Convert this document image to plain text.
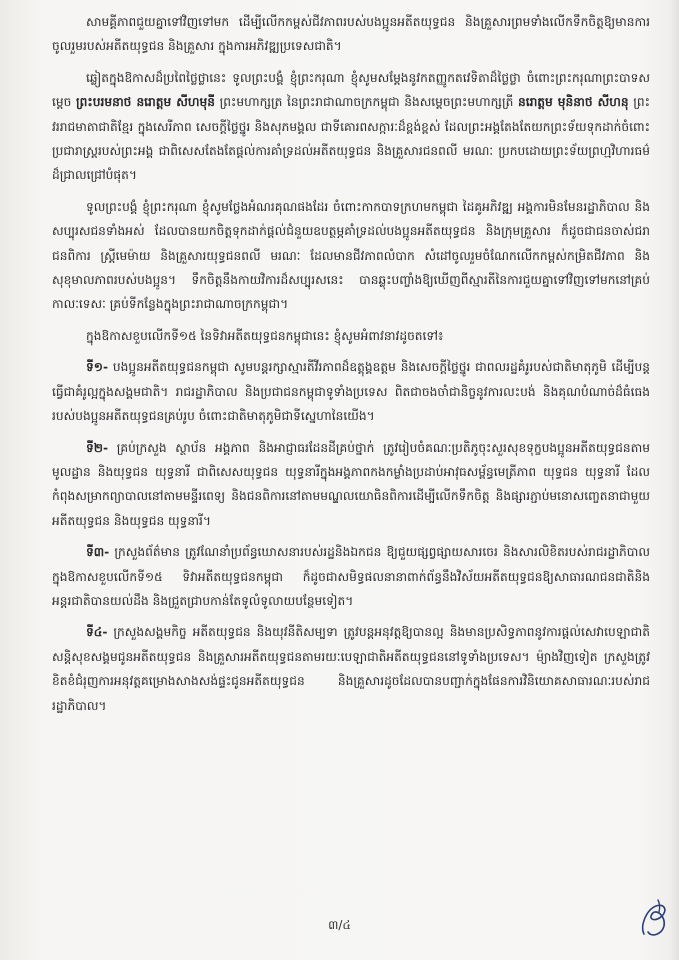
សាមគ្គីភាពជួយគ្នាទៅវិញទៅមក ដើម្បីលើកកម្ពស់ជីវភាពរបស់បងប្អូនអតីតយុទ្ធជន និងគ្រួសារព្រមទាំងលើកទឹកចិត្តឱ្យមានការចូលរួមរបស់អតីតយុទ្ធជន និងគ្រួសារ ក្នុងការអភិវឌ្ឍប្រទេសជាតិ។

ឆ្លៀតក្នុងឱកាសដ៏ប្រពៃថ្លៃថ្លានេះ ទូលព្រះបង្គំ ខ្ញុំព្រះករុណា ខ្ញុំសូមសម្តែងនូវកតញ្ញូកតវេទិតាដ៏ថ្លៃថ្លា ចំពោះព្រះករុណាព្រះបាទសម្តេច ព្រះបរមនាថ នរោត្តម សីហមុនី ព្រះមហាក្សត្រ នៃព្រះរាជាណាចក្រកម្ពុជា និងសម្តេចព្រះមហាក្សត្រី នរោត្តម មុនិនាថ សីហនុ ព្រះវររាជមាតាជាតិខ្មែរ ក្នុងសេរីភាព សេចក្តីថ្លៃថ្នូរ និងសុភមង្គល ជាទីគោរពសក្ការៈដ៏ខ្ពង់ខ្ពស់ ដែលព្រះអង្គតែងតែយកព្រះទ័យទុកដាក់ចំពោះប្រជារាស្ត្ររបស់ព្រះអង្គ ជាពិសេសតែងតែផ្តល់ការគាំទ្រដល់អតីតយុទ្ធជន និងគ្រួសារជនពលី មរណៈ ប្រកបដោយព្រះទ័យព្រហ្មវិហារធម៌ដ៏ជ្រាលជ្រៅបំផុត។

ទូលព្រះបង្គំ ខ្ញុំព្រះករុណា ខ្ញុំសូមថ្លែងអំណរគុណផងដែរ ចំពោះកាកបាទក្រហមកម្ពុជា ដៃគូអភិវឌ្ឍ អង្គការមិនមែនរដ្ឋាភិបាល និងសប្បុរសជនទាំងអស់ ដែលបានយកចិត្តទុកដាក់ផ្តល់ជំនួយឧបត្ថម្ភគាំទ្រដល់បងប្អូនអតីតយុទ្ធជន និងក្រុមគ្រួសារ ក៏ដូចជាជនចាស់ជរា ជនពិការ ស្ត្រីមេម៉ាយ និងគ្រួសារយុទ្ធជនពលី មរណៈ ដែលមានជីវភាពលំបាក សំដៅចូលរួមចំណែកលើកកម្ពស់កម្រិតជីវភាព និងសុខុមាលភាពរបស់បងប្អូន។ ទឹកចិត្តនឹងកាយវិការដ៏សប្បុរសនេះ បានឆ្លុះបញ្ចាំងឱ្យឃើញពីស្មារតីនៃការជួយគ្នាទៅវិញទៅមកនៅគ្រប់កាលៈទេសៈ គ្រប់ទីកន្លែងក្នុងព្រះរាជាណាចក្រកម្ពុជា។

ក្នុងឱកាសខួបលើកទី១៥ នៃទិវាអតីតយុទ្ធជនកម្ពុជានេះ ខ្ញុំសូមអំពាវនាវដូចតទៅ៖

ទី១- បងប្អូនអតីតយុទ្ធជនកម្ពុជា សូមបន្តរក្សាស្មារតីវីរភាពដ៏ឧត្តុង្គឧត្តម និងសេចក្តីថ្លៃថ្នូរ ជាពលរដ្ឋគំរូរបស់ជាតិមាតុភូមិ ដើម្បីបន្តធ្វើជាគំរូល្អក្នុងសង្គមជាតិ។ រាជរដ្ឋាភិបាល និងប្រជាជនកម្ពុជាទូទាំងប្រទេស ពិតជាចងចាំជានិច្ចនូវការលះបង់ និងគុណបំណាច់ដ៏ធំធេងរបស់បងប្អូនអតីតយុទ្ធជនគ្រប់រូប ចំពោះជាតិមាតុភូមិជាទីស្នេហានៃយើង។

ទី២- គ្រប់ក្រសួង ស្ថាប័ន អង្គភាព និងអាជ្ញាធរដែនដីគ្រប់ថ្នាក់ ត្រូវរៀបចំគណៈប្រតិភូចុះសួរសុខទុក្ខបងប្អូនអតីតយុទ្ធជនតាមមូលដ្ឋាន និងយុទ្ធជន យុទ្ធនារី ជាពិសេសយុទ្ធជន យុទ្ធនារីក្នុងអង្គភាពកងកម្លាំងប្រដាប់អាវុធសម្ព័ន្ធមេត្រីភាព យុទ្ធជន យុទ្ធនារី ដែលកំពុងសម្រាកព្យាបាលនៅតាមមន្ទីរពេទ្យ និងជនពិការនៅតាមមណ្ឌលយោធិនពិការដើម្បីលើកទឹកចិត្ត និងផ្សារភ្ជាប់មនោសញ្ចេតនាជាមួយអតីតយុទ្ធជន និងយុទ្ធជន យុទ្ធនារី។

ទី៣- ក្រសួងព័ត៌មាន ត្រូវណែនាំប្រព័ន្ធឃោសនារបស់រដ្ឋនិងឯកជន ឱ្យជួយផ្សព្វផ្សាយសារចេរ និងសារលិខិតរបស់រាជរដ្ឋាភិបាលក្នុងឱកាសខួបលើកទី១៥ ទិវាអតីតយុទ្ធជនកម្ពុជា ក៏ដូចជាសមិទ្ធផលនានាពាក់ព័ន្ធនឹងវិស័យអតីតយុទ្ធជនឱ្យសាធារណជនជាតិនិងអន្តរជាតិបានយល់ដឹង និងជ្រួតជ្រាបកាន់តែទូលំទូលាយបន្ថែមទៀត។

ទី៤- ក្រសួងសង្គមកិច្ច អតីតយុទ្ធជន និងយុវនីតិសម្បទា ត្រូវបន្តអនុវត្តឱ្យបានល្អ និងមានប្រសិទ្ធភាពនូវការផ្តល់សេវាបេឡាជាតិសន្តិសុខសង្គមជូនអតីតយុទ្ធជន និងគ្រួសារអតីតយុទ្ធជនតាមរយៈបេឡាជាតិអតីតយុទ្ធជននៅទូទាំងប្រទេស។ ម៉្យាងវិញទៀត ក្រសួងត្រូវខិតខំជំរុញការអនុវត្តគម្រោងសាងសង់ផ្ទះជូនអតីតយុទ្ធជន និងគ្រួសារដូចដែលបានបញ្ជាក់ក្នុងផែនការវិនិយោគសាធារណៈរបស់រាជរដ្ឋាភិបាល។

៣/៤
